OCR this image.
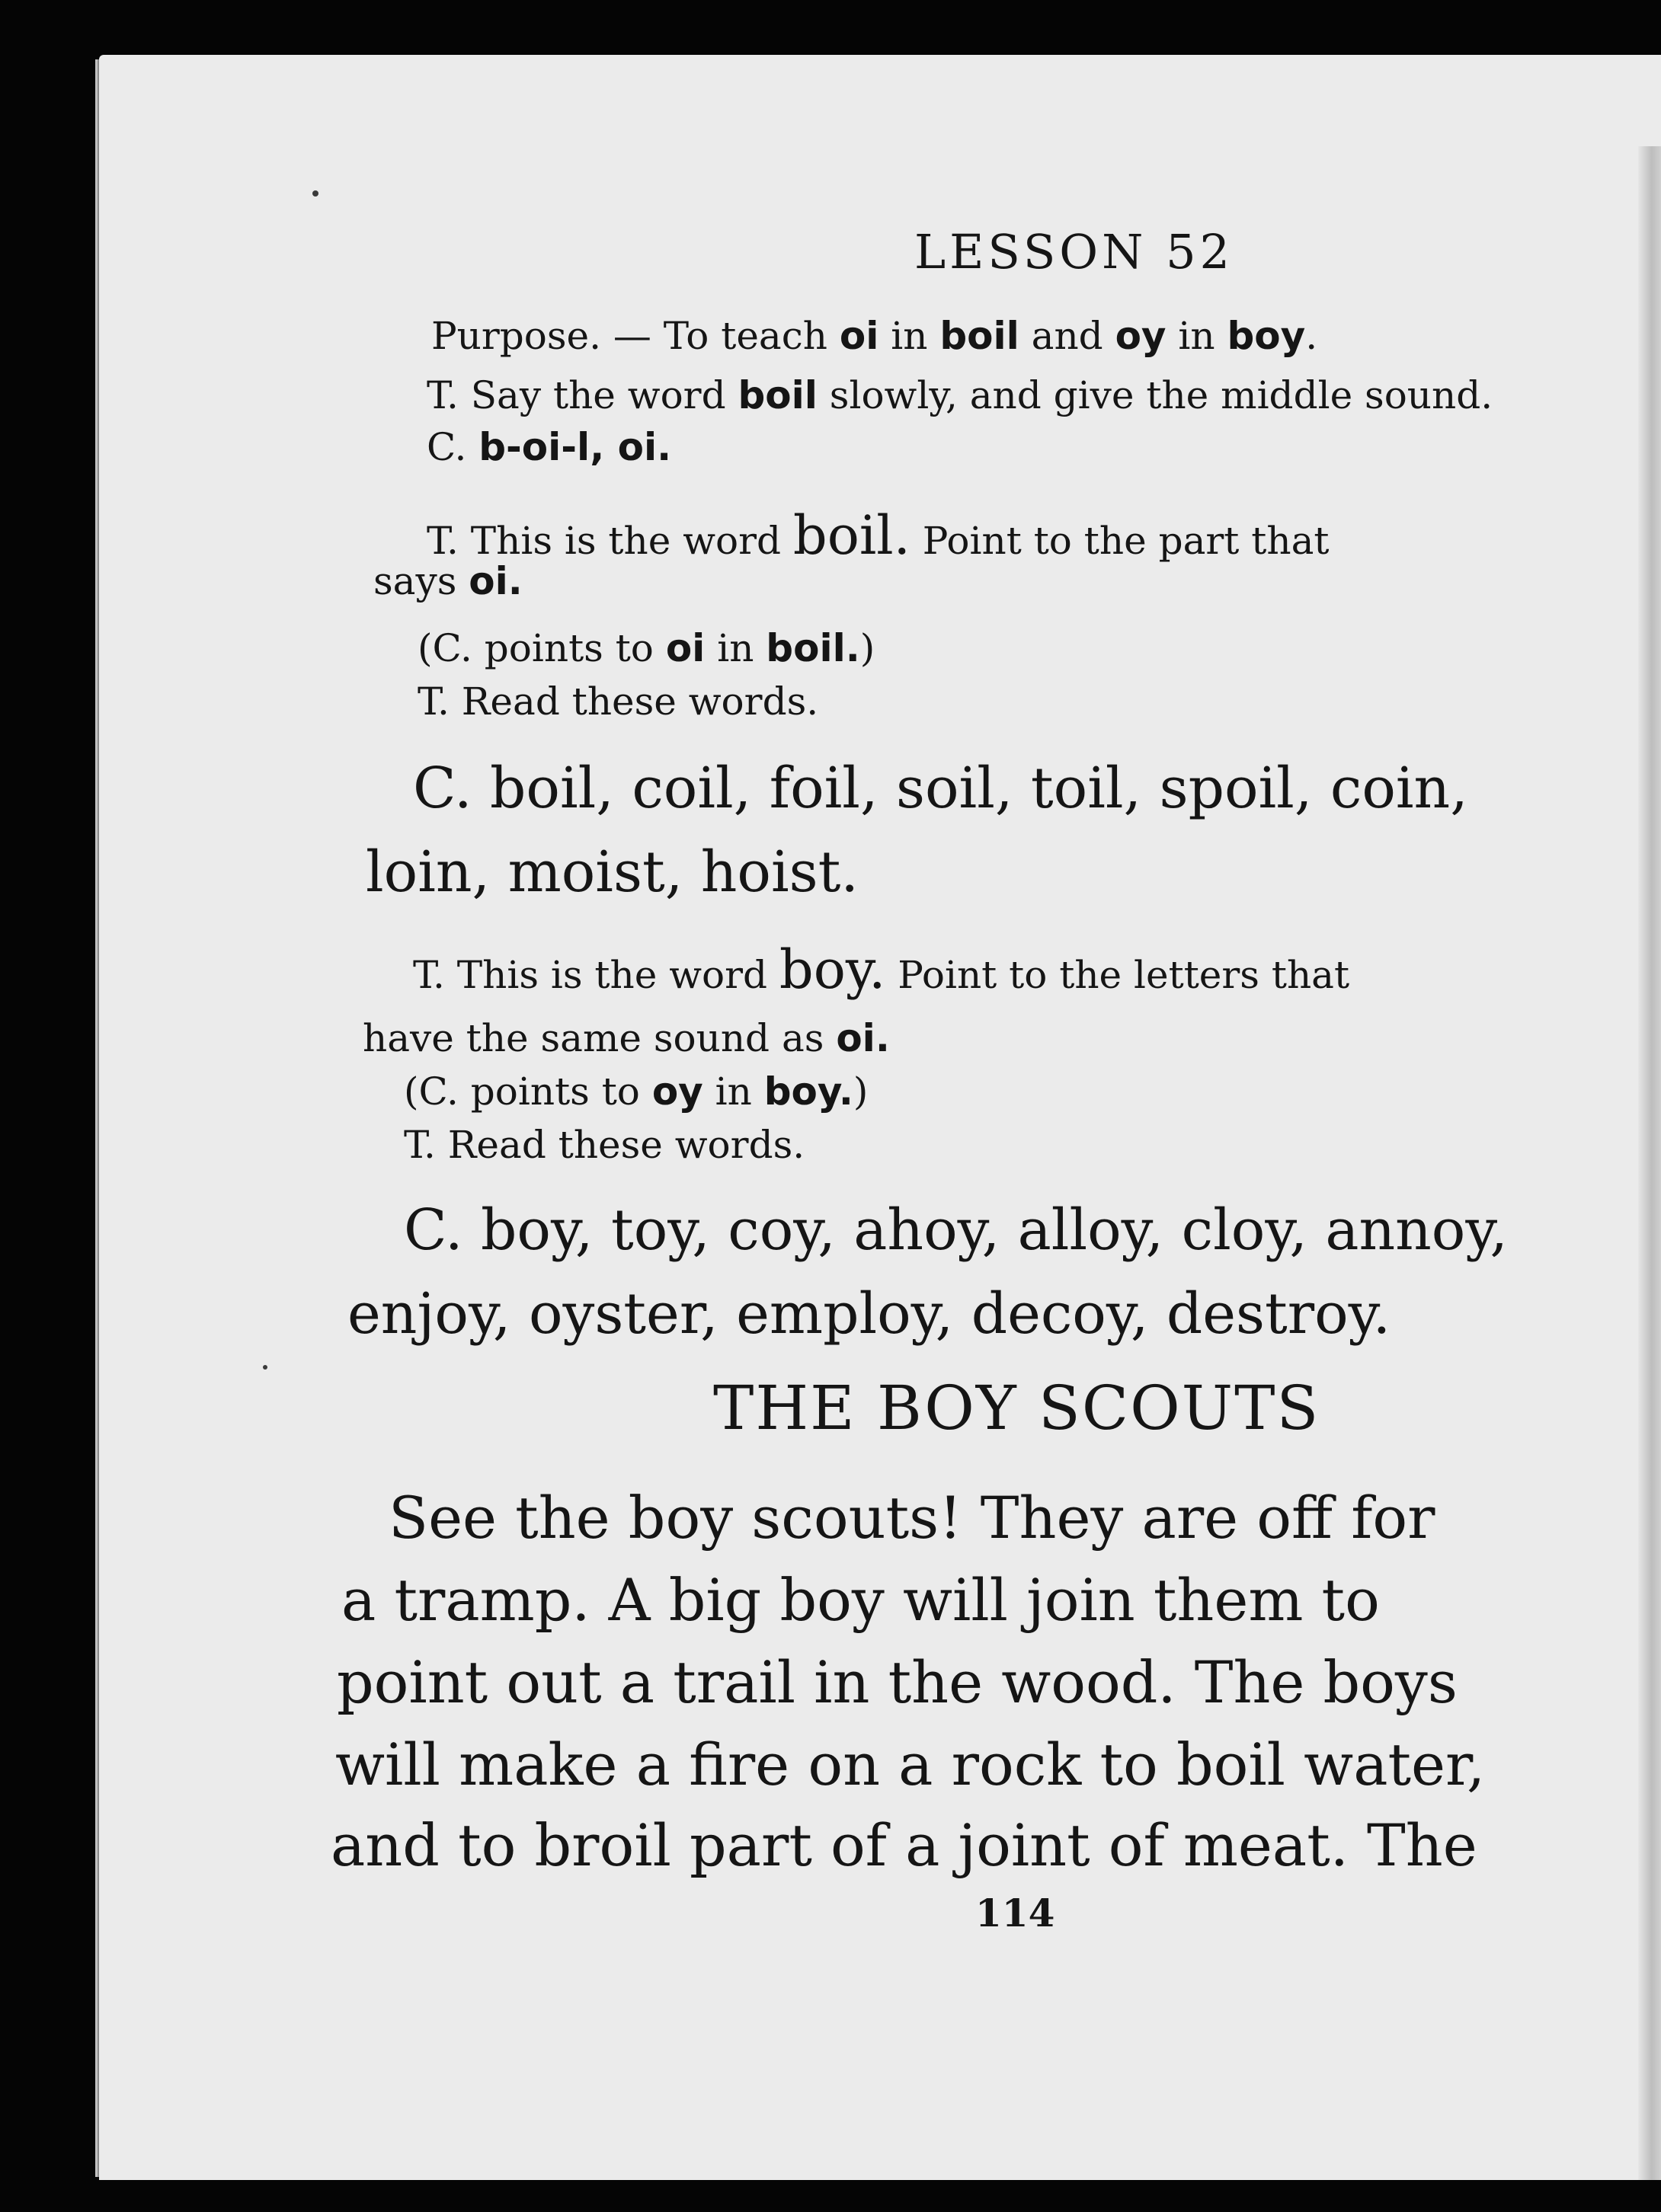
LESSON 52

Purpose. — To teach oi in boil and oy in boy.

T. Say the word boil slowly, and give the middle sound.

C. b-oi-l, oi.

T. This is the word boil. Point to the part that

says oi.

(C. points to oi in boil.)

T. Read these words.

C. boil, coil, foil, soil, toil, spoil, coin,

loin, moist, hoist.

T. This is the word boy. Point to the letters that

have the same sound as oi.

(C. points to oy in boy.)

T. Read these words.

C. boy, toy, coy, ahoy, alloy, cloy, annoy,

enjoy, oyster, employ, decoy, destroy.

THE BOY SCOUTS

See the boy scouts! They are off for

a tramp. A big boy will join them to

point out a trail in the wood. The boys

will make a fire on a rock to boil water,

and to broil part of a joint of meat. The

114
